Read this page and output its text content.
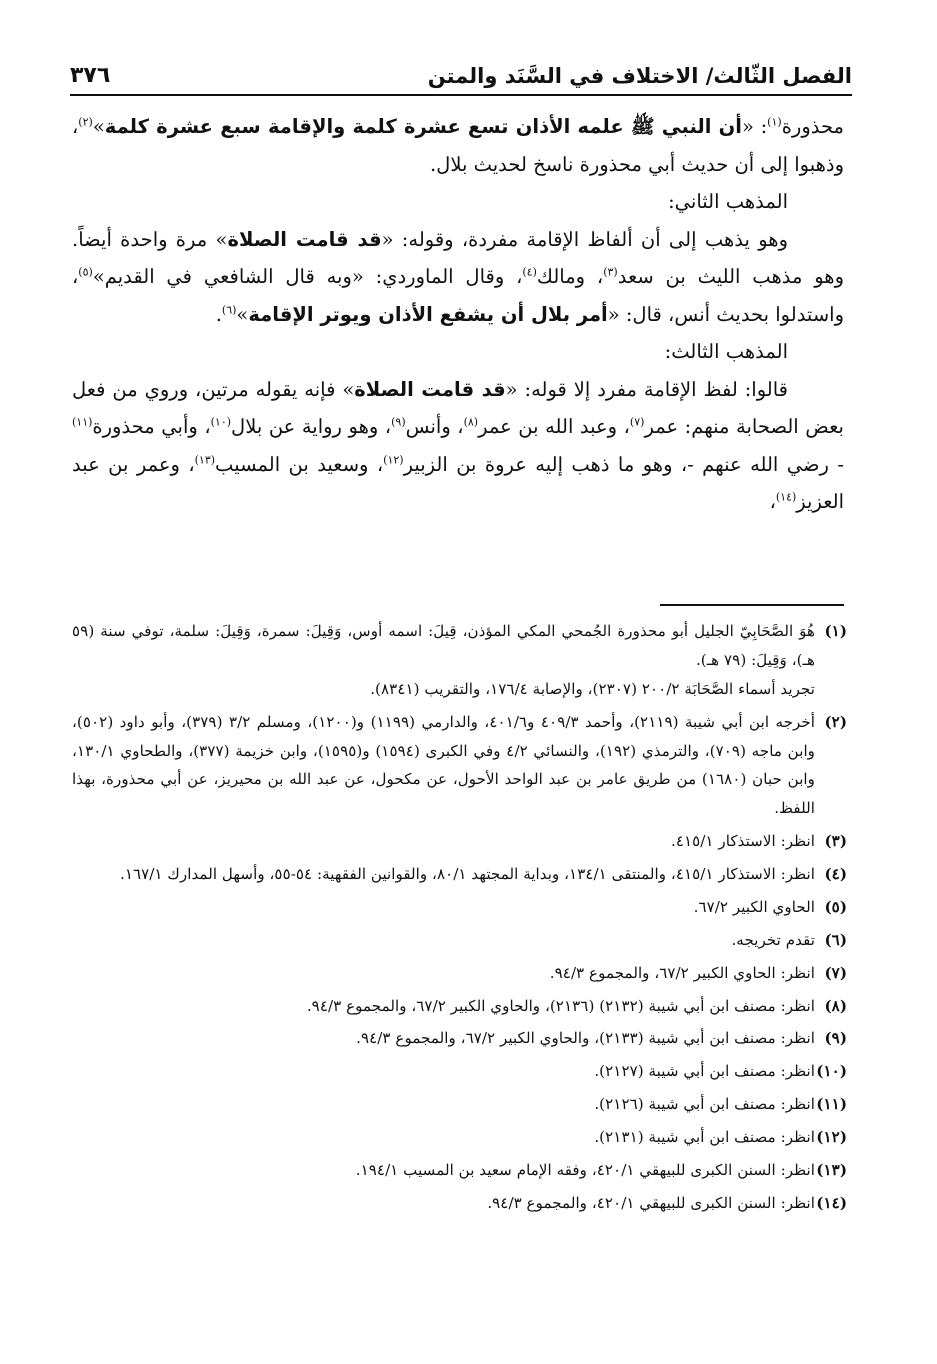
الفصل الثّالث/ الاختلاف في السَّنَد والمتن
٣٧٦

محذورة$^{(١)}$: «أن النبي ﷺ علمه الأذان تسع عشرة كلمة والإقامة سبع عشرة كلمة»$^{(٢)}$، وذهبوا إلى أن حديث أبي محذورة ناسخ لحديث بلال.

المذهب الثاني:

وهو يذهب إلى أن ألفاظ الإقامة مفردة، وقوله: «قد قامت الصلاة» مرة واحدة أيضاً. وهو مذهب الليث بن سعد$^{(٣)}$، ومالك$^{(٤)}$، وقال الماوردي: «وبه قال الشافعي في القديم»$^{(٥)}$، واستدلوا بحديث أنس، قال: «أمر بلال أن يشفع الأذان ويوتر الإقامة»$^{(٦)}$.

المذهب الثالث:

قالوا: لفظ الإقامة مفرد إلا قوله: «قد قامت الصلاة» فإنه يقوله مرتين، وروي من فعل بعض الصحابة منهم: عمر$^{(٧)}$، وعبد الله بن عمر$^{(٨)}$، وأنس$^{(٩)}$، وهو رواية عن بلال$^{(١٠)}$، وأبي محذورة$^{(١١)}$ - رضي الله عنهم -، وهو ما ذهب إليه عروة بن الزبير$^{(١٢)}$، وسعيد بن المسيب$^{(١٣)}$، وعمر بن عبد العزيز$^{(١٤)}$،

(١)
هُوَ الصَّحَابِيّ الجليل أبو محذورة الجُمحي المكي المؤذن، قِيلَ: اسمه أوس، وَقِيلَ: سمرة، وَقِيلَ: سلمة، توفي سنة (٥٩ هـ)، وَقِيلَ: (٧٩ هـ).
تجريد أسماء الصَّحَابَة ٢٠٠/٢ (٢٣٠٧)، والإصابة ١٧٦/٤، والتقريب (٨٣٤١).
(٢)
أخرجه ابن أبي شيبة (٢١١٩)، وأحمد ٤٠٩/٣ و٤٠١/٦، والدارمي (١١٩٩) و(١٢٠٠)، ومسلم ٣/٢ (٣٧٩)، وأبو داود (٥٠٢)، وابن ماجه (٧٠٩)، والترمذي (١٩٢)، والنسائي ٤/٢ وفي الكبرى (١٥٩٤) و(١٥٩٥)، وابن خزيمة (٣٧٧)، والطحاوي ١٣٠/١، وابن حبان (١٦٨٠) من طريق عامر بن عبد الواحد الأحول، عن مكحول، عن عبد الله بن محيريز، عن أبي محذورة، بهذا اللفظ.
(٣)
انظر: الاستذكار ٤١٥/١.
(٤)
انظر: الاستذكار ٤١٥/١، والمنتقى ١٣٤/١، وبداية المجتهد ٨٠/١، والقوانين الفقهية: ٥٤-٥٥، وأسهل المدارك ١٦٧/١.
(٥)
الحاوي الكبير ٦٧/٢.
(٦)
تقدم تخريجه.
(٧)
انظر: الحاوي الكبير ٦٧/٢، والمجموع ٩٤/٣.
(٨)
انظر: مصنف ابن أبي شيبة (٢١٣٢) (٢١٣٦)، والحاوي الكبير ٦٧/٢، والمجموع ٩٤/٣.
(٩)
انظر: مصنف ابن أبي شيبة (٢١٣٣)، والحاوي الكبير ٦٧/٢، والمجموع ٩٤/٣.
(١٠)
انظر: مصنف ابن أبي شيبة (٢١٢٧).
(١١)
انظر: مصنف ابن أبي شيبة (٢١٢٦).
(١٢)
انظر: مصنف ابن أبي شيبة (٢١٣١).
(١٣)
انظر: السنن الكبرى للبيهقي ٤٢٠/١، وفقه الإمام سعيد بن المسيب ١٩٤/١.
(١٤)
انظر: السنن الكبرى للبيهقي ٤٢٠/١، والمجموع ٩٤/٣.
